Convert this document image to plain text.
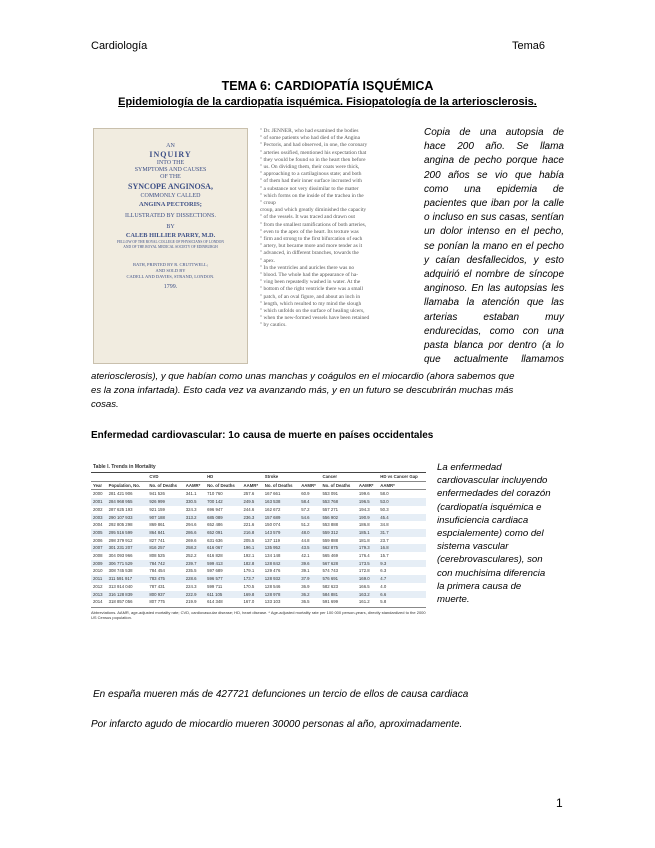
Cardiología	Tema6
TEMA 6: CARDIOPATÍA ISQUÉMICA
Epidemiología de la cardiopatía isquémica. Fisiopatología de la arteriosclerosis.
AN
INQUIRY
INTO THE
SYMPTOMS AND CAUSES
OF THE
SYNCOPE ANGINOSA,
COMMONLY CALLED
ANGINA PECTORIS;
ILLUSTRATED BY DISSECTIONS.
BY
CALEB HILLIER PARRY, M.D.
FELLOW OF THE ROYAL COLLEGE OF PHYSICIANS OF LONDON
AND OF THE ROYAL MEDICAL SOCIETY OF EDINBURGH
BATH, PRINTED BY R. CRUTTWELL;
AND SOLD BY
CADELL AND DAVIES, STRAND, LONDON.
1799.
" Dr. JENNER, who had examined the bodies
" of some patients who had died of the Angina
" Pectoris, and had observed, in one, the coronary
" arteries ossified, mentioned his expectation that
" they would be found so in the heart then before
" us. On dividing them, their coats were thick,
" approaching to a cartilaginous state; and both
" of them had their inner surface incrusted with
" a substance not very dissimilar to the matter
" which forms on the inside of the trachea in the
" croup
croup, and which greatly diminished the capacity
" of the vessels. It was traced and drawn out
" from the smallest ramifications of both arteries,
" even to the apex of the heart. Its texture was
" firm and strong to the first bifurcation of each
" artery, but became more and more tender as it
" advanced, in different branches, towards the
" apex.
" In the ventricles and auricles there was no
" blood. The whole had the appearance of ha-
" ving been repeatedly washed in water. At the
" bottom of the right ventricle there was a small
" patch, of an oval figure, and about an inch in
" length, which resulted to my mind the slough
" which unfolds on the surface of healing ulcers,
" when the new-formed vessels have been retained
" by cautics.
Copia de una autopsia de
hace 200 año. Se llama
angina de pecho porque hace
200 años se vio que había
como una epidemia de
pacientes que iban por la calle
o incluso en sus casas, sentían
un dolor intenso en el pecho,
se ponían la mano en el pecho
y caían desfallecidos, y esto
adquirió el nombre de síncope
anginoso. En las autopsias les
llamaba la atención que las
arterias estaban muy
endurecidas, como con una
pasta blanca por dentro (a lo
que actualmente llamamos
ateriosclerosis), y que habían como unas manchas y coágulos en el miocardio (ahora sabemos que
es la zona infartada). Esto cada vez va avanzando más, y en un futuro se descubrirán muchas más
cosas.
Enfermedad cardiovascular: 1o causa de muerte en países occidentales
Table I. Trends in Mortality
		CVD		HD		Stroke		Cancer		HD vs Cancer Gap
Year	Population, No.	No. of Deaths	AAMR*	No. of Deaths	AAMR*	No. of Deaths	AAMR*	No. of Deaths	AAMR*	AAMR*
2000	281 421 906	941 526	341.1	710 760	257.6	167 661	60.9	553 091	199.6	58.0
2001	284 968 955	926 999	330.5	700 142	249.5	163 538	58.4	553 768	196.5	53.0
2002	287 625 193	921 159	324.3	696 947	244.6	162 672	57.2	557 271	194.3	50.3
2003	290 107 933	907 188	313.2	685 089	236.3	157 689	54.6	556 902	190.9	45.4
2004	292 805 298	869 861	294.6	652 486	221.6	150 074	51.2	553 888	186.8	34.8
2005	295 516 599	864 841	286.6	652 091	216.8	143 579	48.0	559 312	185.1	31.7
2006	298 379 912	827 741	269.6	631 636	205.5	137 119	44.8	559 888	181.8	23.7
2007	301 231 207	816 257	258.2	616 067	196.1	135 952	43.5	562 875	179.3	16.8
2008	304 093 966	808 525	252.2	616 828	192.1	134 148	42.1	565 469	176.4	15.7
2009	306 771 529	784 742	239.7	599 413	182.8	128 842	39.6	567 628	173.5	9.3
2010	308 745 538	784 454	235.5	597 689	179.1	129 476	39.1	574 743	172.8	6.3
2011	311 591 917	783 475	228.6	596 577	173.7	128 932	37.9	576 691	169.0	4.7
2012	313 914 040	787 431	224.3	599 711	170.5	128 546	36.9	582 623	166.5	4.0
2013	316 128 839	800 937	222.9	611 105	169.8	128 978	36.2	584 881	163.2	6.6
2014	318 857 056	807 775	219.9	614 348	167.0	133 103	36.5	591 699	161.2	5.8
Abbreviations. AAMR, age-adjusted mortality rate; CVD, cardiovascular disease; HD, heart disease. * Age-adjusted mortality rate per 100 000 person-years, directly standardized to the 2000 US Census population.
La enfermedad
cardiovascular incluyendo
enfermedades del corazón
(cardiopatía isquémica e
insuficiencia cardiaca
espcialemente) como del
sistema vascular
(cerebrovasculares), son
con muchisima diferencia
la primera causa de
muerte.
En españa mueren más de 427721 defunciones un tercio de ellos de causa cardiaca
Por infarcto agudo de miocardio mueren 30000 personas al año, aproximadamente.
1
